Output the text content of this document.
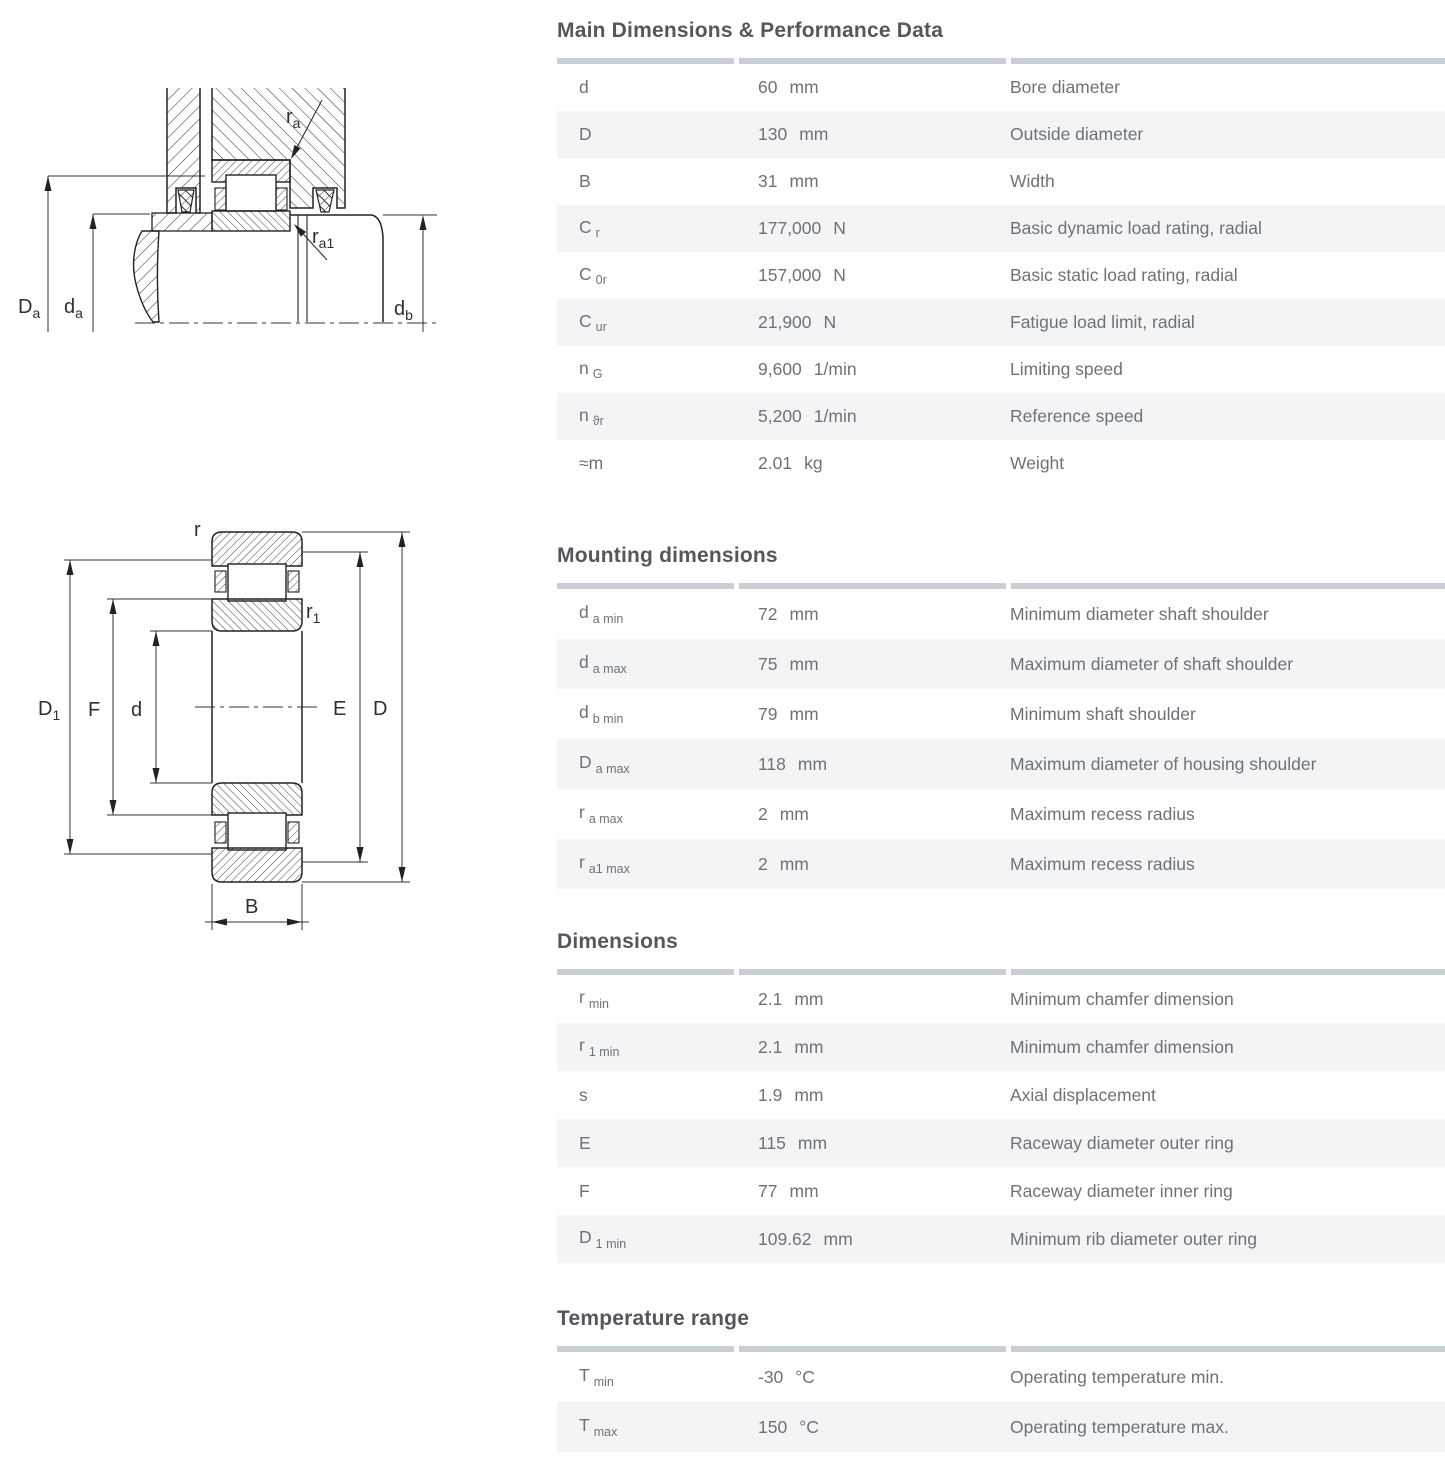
$D_a$ $d_a$	$d_b$
$r_a$
$r_{a1}$
r
$r_1$
$D_1$ F d	E D
B
Main Dimensions & Performance Data
d	60 mm	Bore diameter
D	130 mm	Outside diameter
B	31 mm	Width
C $_r$	177,000 N	Basic dynamic load rating, radial
C $_{0r}$	157,000 N	Basic static load rating, radial
C $_{ur}$	21,900 N	Fatigue load limit, radial
n $_G$	9,600 1/min	Limiting speed
n $_{ϑr}$	5,200 1/min	Reference speed
≈m	2.01 kg	Weight
Mounting dimensions
d $_{a min}$	72 mm	Minimum diameter shaft shoulder
d $_{a max}$	75 mm	Maximum diameter of shaft shoulder
d $_{b min}$	79 mm	Minimum shaft shoulder
D $_{a max}$	118 mm	Maximum diameter of housing shoulder
r $_{a max}$	2 mm	Maximum recess radius
r $_{a1 max}$	2 mm	Maximum recess radius
Dimensions
r $_{min}$	2.1 mm	Minimum chamfer dimension
r $_{1 min}$	2.1 mm	Minimum chamfer dimension
s	1.9 mm	Axial displacement
E	115 mm	Raceway diameter outer ring
F	77 mm	Raceway diameter inner ring
D $_{1 min}$	109.62 mm	Minimum rib diameter outer ring
Temperature range
T $_{min}$	-30 °C	Operating temperature min.
T $_{max}$	150 °C	Operating temperature max.
